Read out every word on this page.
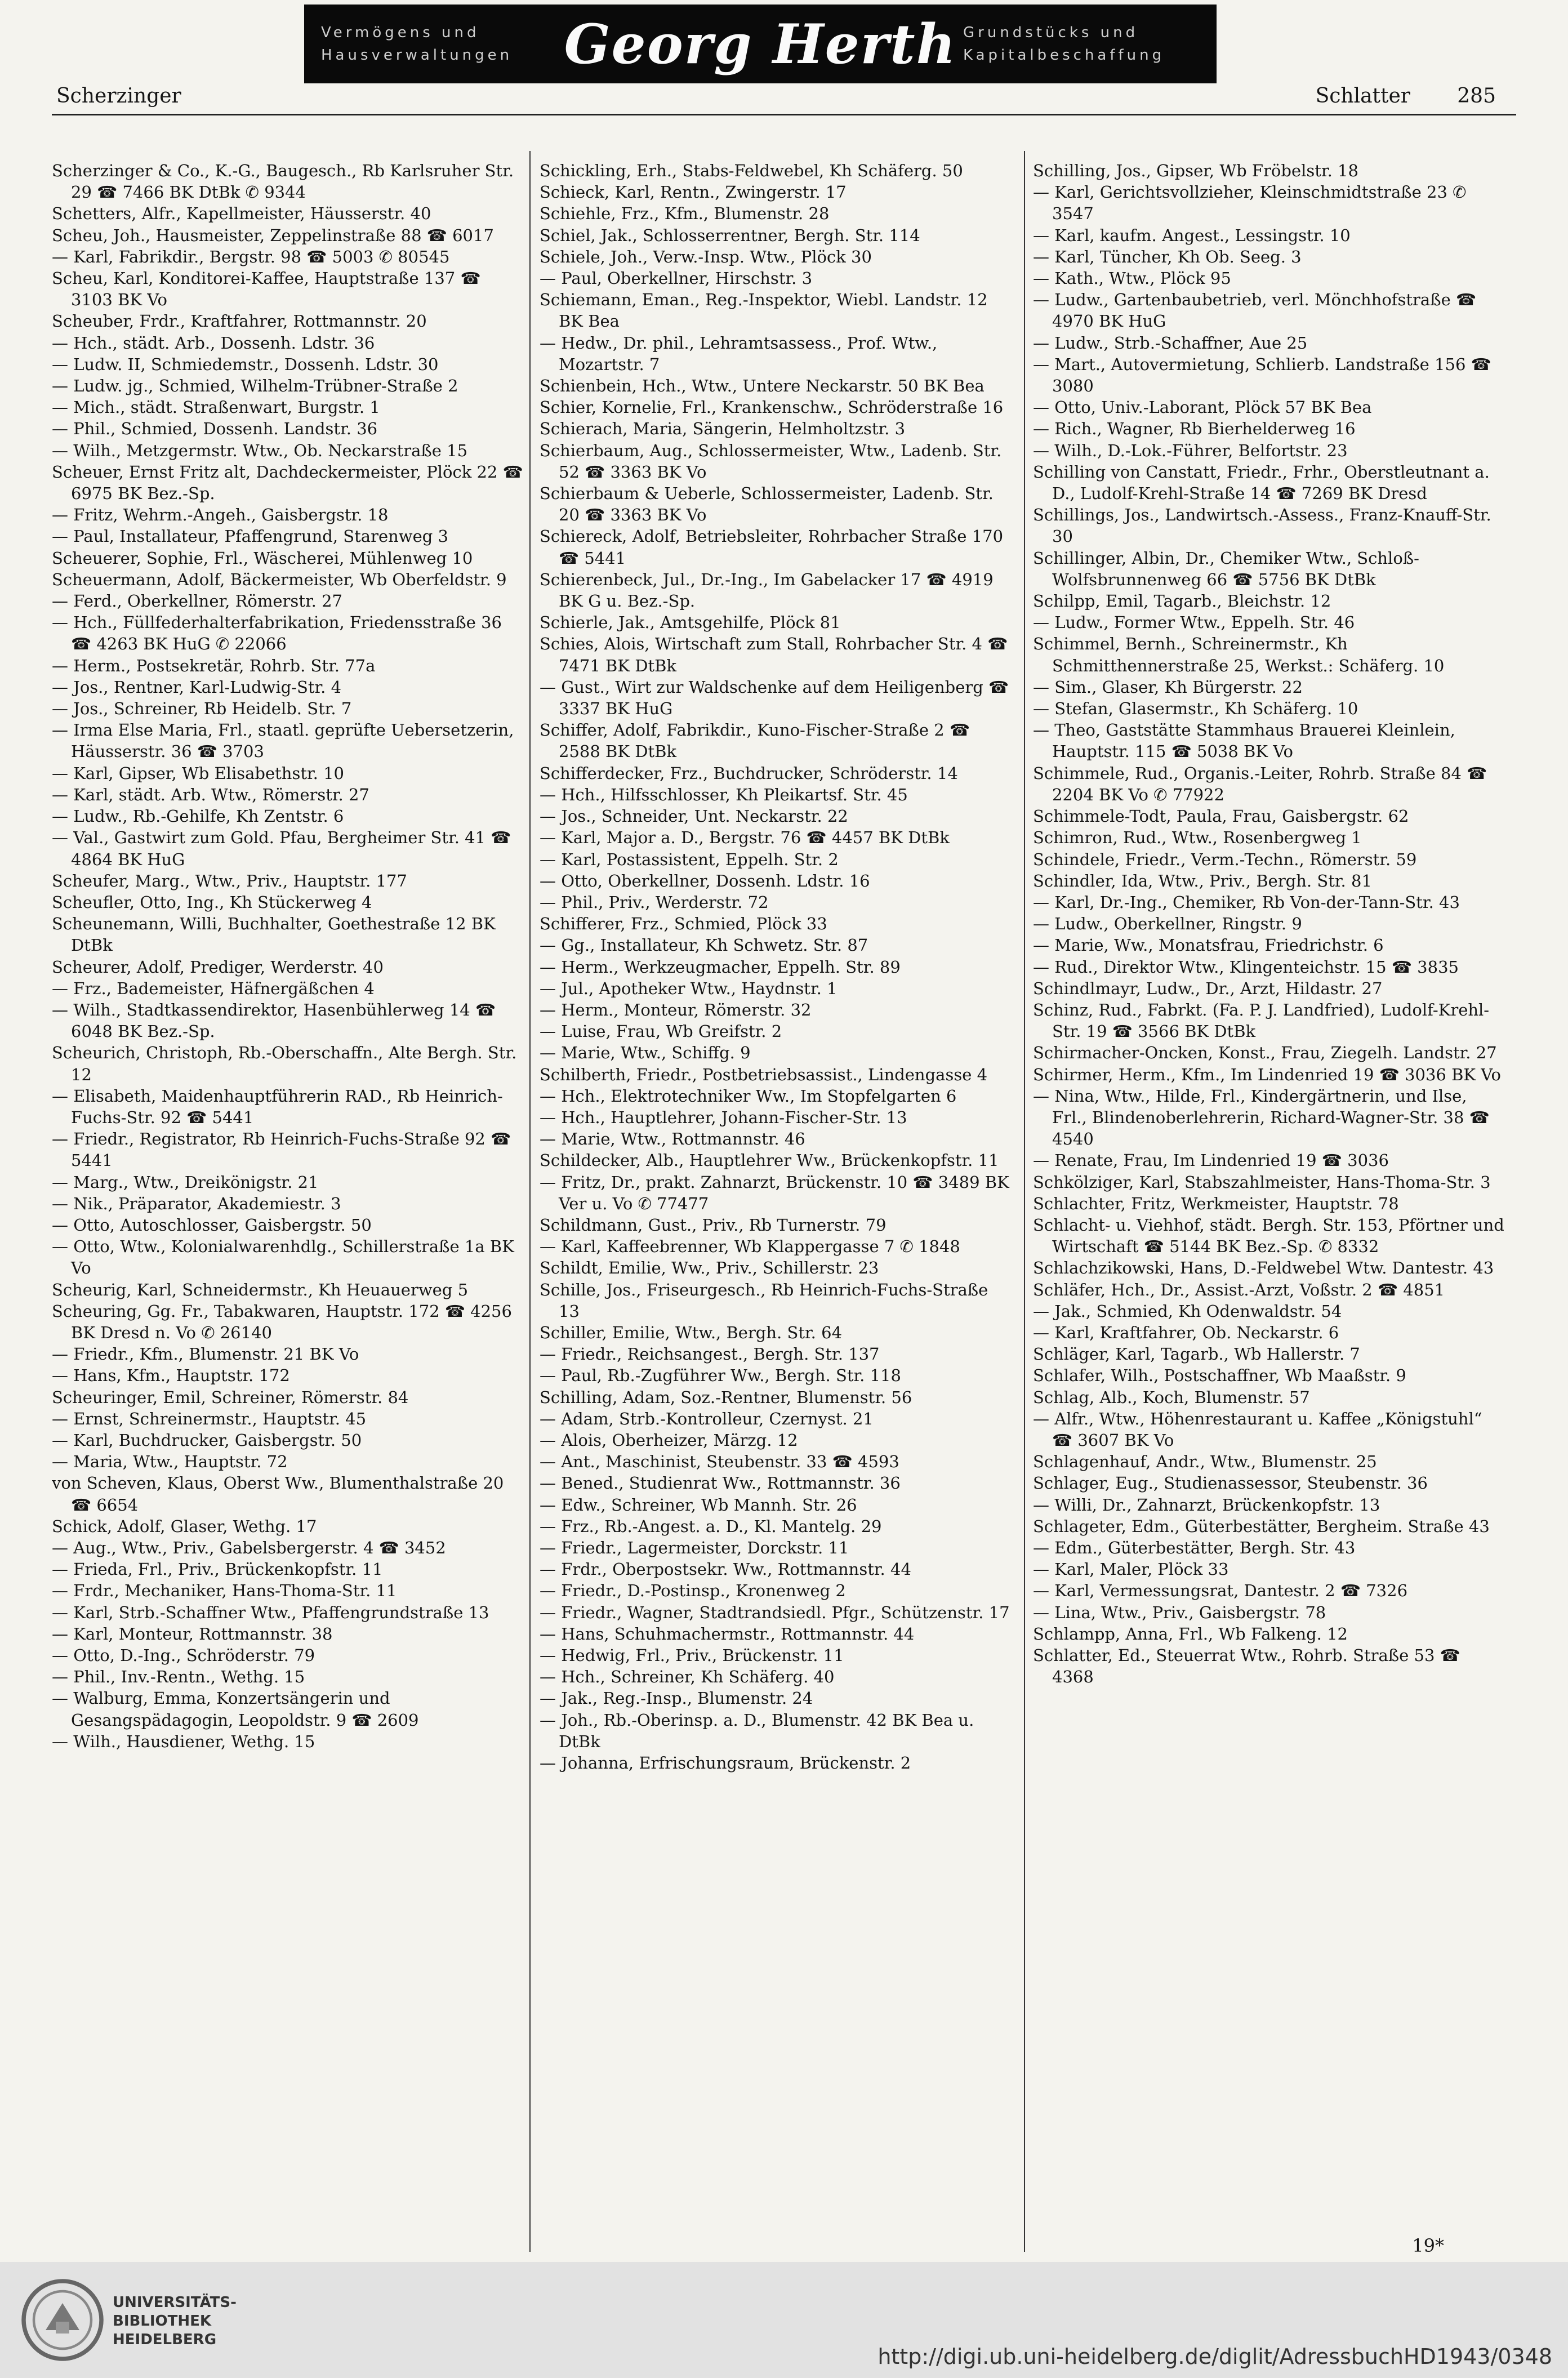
Vermögens und
Hausverwaltungen Georg Herth Grundstücks und
Kapitalbeschaffung
Scherzinger	Schlatter 285

Scherzinger & Co., K.-G., Baugesch., Rb Karlsruher Str. 29 ☎ 7466 BK DtBk ✆ 9344

Schetters, Alfr., Kapellmeister, Häusserstr. 40

Scheu, Joh., Hausmeister, Zeppelinstraße 88 ☎ 6017

— Karl, Fabrikdir., Bergstr. 98 ☎ 5003 ✆ 80545

Scheu, Karl, Konditorei-Kaffee, Hauptstraße 137 ☎ 3103 BK Vo

Scheuber, Frdr., Kraftfahrer, Rottmannstr. 20

— Hch., städt. Arb., Dossenh. Ldstr. 36

— Ludw. II, Schmiedemstr., Dossenh. Ldstr. 30

— Ludw. jg., Schmied, Wilhelm-Trübner-Straße 2

— Mich., städt. Straßenwart, Burgstr. 1

— Phil., Schmied, Dossenh. Landstr. 36

— Wilh., Metzgermstr. Wtw., Ob. Neckarstraße 15

Scheuer, Ernst Fritz alt, Dachdeckermeister, Plöck 22 ☎ 6975 BK Bez.-Sp.

— Fritz, Wehrm.-Angeh., Gaisbergstr. 18

— Paul, Installateur, Pfaffengrund, Starenweg 3

Scheuerer, Sophie, Frl., Wäscherei, Mühlenweg 10

Scheuermann, Adolf, Bäckermeister, Wb Oberfeldstr. 9

— Ferd., Oberkellner, Römerstr. 27

— Hch., Füllfederhalterfabrikation, Friedensstraße 36 ☎ 4263 BK HuG ✆ 22066

— Herm., Postsekretär, Rohrb. Str. 77a

— Jos., Rentner, Karl-Ludwig-Str. 4

— Jos., Schreiner, Rb Heidelb. Str. 7

— Irma Else Maria, Frl., staatl. geprüfte Uebersetzerin, Häusserstr. 36 ☎ 3703

— Karl, Gipser, Wb Elisabethstr. 10

— Karl, städt. Arb. Wtw., Römerstr. 27

— Ludw., Rb.-Gehilfe, Kh Zentstr. 6

— Val., Gastwirt zum Gold. Pfau, Bergheimer Str. 41 ☎ 4864 BK HuG

Scheufer, Marg., Wtw., Priv., Hauptstr. 177

Scheufler, Otto, Ing., Kh Stückerweg 4

Scheunemann, Willi, Buchhalter, Goethestraße 12 BK DtBk

Scheurer, Adolf, Prediger, Werderstr. 40

— Frz., Bademeister, Häfnergäßchen 4

— Wilh., Stadtkassendirektor, Hasenbühlerweg 14 ☎ 6048 BK Bez.-Sp.

Scheurich, Christoph, Rb.-Oberschaffn., Alte Bergh. Str. 12

— Elisabeth, Maidenhauptführerin RAD., Rb Heinrich-Fuchs-Str. 92 ☎ 5441

— Friedr., Registrator, Rb Heinrich-Fuchs-Straße 92 ☎ 5441

— Marg., Wtw., Dreikönigstr. 21

— Nik., Präparator, Akademiestr. 3

— Otto, Autoschlosser, Gaisbergstr. 50

— Otto, Wtw., Kolonialwarenhdlg., Schillerstraße 1a BK Vo

Scheurig, Karl, Schneidermstr., Kh Heuauerweg 5

Scheuring, Gg. Fr., Tabakwaren, Hauptstr. 172 ☎ 4256 BK Dresd n. Vo ✆ 26140

— Friedr., Kfm., Blumenstr. 21 BK Vo

— Hans, Kfm., Hauptstr. 172

Scheuringer, Emil, Schreiner, Römerstr. 84

— Ernst, Schreinermstr., Hauptstr. 45

— Karl, Buchdrucker, Gaisbergstr. 50

— Maria, Wtw., Hauptstr. 72

von Scheven, Klaus, Oberst Ww., Blumenthalstraße 20 ☎ 6654

Schick, Adolf, Glaser, Wethg. 17

— Aug., Wtw., Priv., Gabelsbergerstr. 4 ☎ 3452

— Frieda, Frl., Priv., Brückenkopfstr. 11

— Frdr., Mechaniker, Hans-Thoma-Str. 11

— Karl, Strb.-Schaffner Wtw., Pfaffengrundstraße 13

— Karl, Monteur, Rottmannstr. 38

— Otto, D.-Ing., Schröderstr. 79

— Phil., Inv.-Rentn., Wethg. 15

— Walburg, Emma, Konzertsängerin und Gesangspädagogin, Leopoldstr. 9 ☎ 2609

— Wilh., Hausdiener, Wethg. 15

Schickling, Erh., Stabs-Feldwebel, Kh Schäferg. 50

Schieck, Karl, Rentn., Zwingerstr. 17

Schiehle, Frz., Kfm., Blumenstr. 28

Schiel, Jak., Schlosserrentner, Bergh. Str. 114

Schiele, Joh., Verw.-Insp. Wtw., Plöck 30

— Paul, Oberkellner, Hirschstr. 3

Schiemann, Eman., Reg.-Inspektor, Wiebl. Landstr. 12 BK Bea

— Hedw., Dr. phil., Lehramtsassess., Prof. Wtw., Mozartstr. 7

Schienbein, Hch., Wtw., Untere Neckarstr. 50 BK Bea

Schier, Kornelie, Frl., Krankenschw., Schröderstraße 16

Schierach, Maria, Sängerin, Helmholtzstr. 3

Schierbaum, Aug., Schlossermeister, Wtw., Ladenb. Str. 52 ☎ 3363 BK Vo

Schierbaum & Ueberle, Schlossermeister, Ladenb. Str. 20 ☎ 3363 BK Vo

Schiereck, Adolf, Betriebsleiter, Rohrbacher Straße 170 ☎ 5441

Schierenbeck, Jul., Dr.-Ing., Im Gabelacker 17 ☎ 4919 BK G u. Bez.-Sp.

Schierle, Jak., Amtsgehilfe, Plöck 81

Schies, Alois, Wirtschaft zum Stall, Rohrbacher Str. 4 ☎ 7471 BK DtBk

— Gust., Wirt zur Waldschenke auf dem Heiligenberg ☎ 3337 BK HuG

Schiffer, Adolf, Fabrikdir., Kuno-Fischer-Straße 2 ☎ 2588 BK DtBk

Schifferdecker, Frz., Buchdrucker, Schröderstr. 14

— Hch., Hilfsschlosser, Kh Pleikartsf. Str. 45

— Jos., Schneider, Unt. Neckarstr. 22

— Karl, Major a. D., Bergstr. 76 ☎ 4457 BK DtBk

— Karl, Postassistent, Eppelh. Str. 2

— Otto, Oberkellner, Dossenh. Ldstr. 16

— Phil., Priv., Werderstr. 72

Schifferer, Frz., Schmied, Plöck 33

— Gg., Installateur, Kh Schwetz. Str. 87

— Herm., Werkzeugmacher, Eppelh. Str. 89

— Jul., Apotheker Wtw., Haydnstr. 1

— Herm., Monteur, Römerstr. 32

— Luise, Frau, Wb Greifstr. 2

— Marie, Wtw., Schiffg. 9

Schilberth, Friedr., Postbetriebsassist., Lindengasse 4

— Hch., Elektrotechniker Ww., Im Stopfelgarten 6

— Hch., Hauptlehrer, Johann-Fischer-Str. 13

— Marie, Wtw., Rottmannstr. 46

Schildecker, Alb., Hauptlehrer Ww., Brückenkopfstr. 11

— Fritz, Dr., prakt. Zahnarzt, Brückenstr. 10 ☎ 3489 BK Ver u. Vo ✆ 77477

Schildmann, Gust., Priv., Rb Turnerstr. 79

— Karl, Kaffeebrenner, Wb Klappergasse 7 ✆ 1848

Schildt, Emilie, Ww., Priv., Schillerstr. 23

Schille, Jos., Friseurgesch., Rb Heinrich-Fuchs-Straße 13

Schiller, Emilie, Wtw., Bergh. Str. 64

— Friedr., Reichsangest., Bergh. Str. 137

— Paul, Rb.-Zugführer Ww., Bergh. Str. 118

Schilling, Adam, Soz.-Rentner, Blumenstr. 56

— Adam, Strb.-Kontrolleur, Czernyst. 21

— Alois, Oberheizer, Märzg. 12

— Ant., Maschinist, Steubenstr. 33 ☎ 4593

— Bened., Studienrat Ww., Rottmannstr. 36

— Edw., Schreiner, Wb Mannh. Str. 26

— Frz., Rb.-Angest. a. D., Kl. Mantelg. 29

— Friedr., Lagermeister, Dorckstr. 11

— Frdr., Oberpostsekr. Ww., Rottmannstr. 44

— Friedr., D.-Postinsp., Kronenweg 2

— Friedr., Wagner, Stadtrandsiedl. Pfgr., Schützenstr. 17

— Hans, Schuhmachermstr., Rottmannstr. 44

— Hedwig, Frl., Priv., Brückenstr. 11

— Hch., Schreiner, Kh Schäferg. 40

— Jak., Reg.-Insp., Blumenstr. 24

— Joh., Rb.-Oberinsp. a. D., Blumenstr. 42 BK Bea u. DtBk

— Johanna, Erfrischungsraum, Brückenstr. 2

Schilling, Jos., Gipser, Wb Fröbelstr. 18

— Karl, Gerichtsvollzieher, Kleinschmidtstraße 23 ✆ 3547

— Karl, kaufm. Angest., Lessingstr. 10

— Karl, Tüncher, Kh Ob. Seeg. 3

— Kath., Wtw., Plöck 95

— Ludw., Gartenbaubetrieb, verl. Mönchhofstraße ☎ 4970 BK HuG

— Ludw., Strb.-Schaffner, Aue 25

— Mart., Autovermietung, Schlierb. Landstraße 156 ☎ 3080

— Otto, Univ.-Laborant, Plöck 57 BK Bea

— Rich., Wagner, Rb Bierhelderweg 16

— Wilh., D.-Lok.-Führer, Belfortstr. 23

Schilling von Canstatt, Friedr., Frhr., Oberstleutnant a. D., Ludolf-Krehl-Straße 14 ☎ 7269 BK Dresd

Schillings, Jos., Landwirtsch.-Assess., Franz-Knauff-Str. 30

Schillinger, Albin, Dr., Chemiker Wtw., Schloß-Wolfsbrunnenweg 66 ☎ 5756 BK DtBk

Schilpp, Emil, Tagarb., Bleichstr. 12

— Ludw., Former Wtw., Eppelh. Str. 46

Schimmel, Bernh., Schreinermstr., Kh Schmitthennerstraße 25, Werkst.: Schäferg. 10

— Sim., Glaser, Kh Bürgerstr. 22

— Stefan, Glasermstr., Kh Schäferg. 10

— Theo, Gaststätte Stammhaus Brauerei Kleinlein, Hauptstr. 115 ☎ 5038 BK Vo

Schimmele, Rud., Organis.-Leiter, Rohrb. Straße 84 ☎ 2204 BK Vo ✆ 77922

Schimmele-Todt, Paula, Frau, Gaisbergstr. 62

Schimron, Rud., Wtw., Rosenbergweg 1

Schindele, Friedr., Verm.-Techn., Römerstr. 59

Schindler, Ida, Wtw., Priv., Bergh. Str. 81

— Karl, Dr.-Ing., Chemiker, Rb Von-der-Tann-Str. 43

— Ludw., Oberkellner, Ringstr. 9

— Marie, Ww., Monatsfrau, Friedrichstr. 6

— Rud., Direktor Wtw., Klingenteichstr. 15 ☎ 3835

Schindlmayr, Ludw., Dr., Arzt, Hildastr. 27

Schinz, Rud., Fabrkt. (Fa. P. J. Landfried), Ludolf-Krehl-Str. 19 ☎ 3566 BK DtBk

Schirmacher-Oncken, Konst., Frau, Ziegelh. Landstr. 27

Schirmer, Herm., Kfm., Im Lindenried 19 ☎ 3036 BK Vo

— Nina, Wtw., Hilde, Frl., Kindergärtnerin, und Ilse, Frl., Blindenoberlehrerin, Richard-Wagner-Str. 38 ☎ 4540

— Renate, Frau, Im Lindenried 19 ☎ 3036

Schkölziger, Karl, Stabszahlmeister, Hans-Thoma-Str. 3

Schlachter, Fritz, Werkmeister, Hauptstr. 78

Schlacht- u. Viehhof, städt. Bergh. Str. 153, Pförtner und Wirtschaft ☎ 5144 BK Bez.-Sp. ✆ 8332

Schlachzikowski, Hans, D.-Feldwebel Wtw. Dantestr. 43

Schläfer, Hch., Dr., Assist.-Arzt, Voßstr. 2 ☎ 4851

— Jak., Schmied, Kh Odenwaldstr. 54

— Karl, Kraftfahrer, Ob. Neckarstr. 6

Schläger, Karl, Tagarb., Wb Hallerstr. 7

Schlafer, Wilh., Postschaffner, Wb Maaßstr. 9

Schlag, Alb., Koch, Blumenstr. 57

— Alfr., Wtw., Höhenrestaurant u. Kaffee „Königstuhl“ ☎ 3607 BK Vo

Schlagenhauf, Andr., Wtw., Blumenstr. 25

Schlager, Eug., Studienassessor, Steubenstr. 36

— Willi, Dr., Zahnarzt, Brückenkopfstr. 13

Schlageter, Edm., Güterbestätter, Bergheim. Straße 43

— Edm., Güterbestätter, Bergh. Str. 43

— Karl, Maler, Plöck 33

— Karl, Vermessungsrat, Dantestr. 2 ☎ 7326

— Lina, Wtw., Priv., Gaisbergstr. 78

Schlampp, Anna, Frl., Wb Falkeng. 12

Schlatter, Ed., Steuerrat Wtw., Rohrb. Straße 53 ☎ 4368

19*
UNIVERSITÄTS-
BIBLIOTHEK
HEIDELBERG
http://digi.ub.uni-heidelberg.de/diglit/AdressbuchHD1943/0348
